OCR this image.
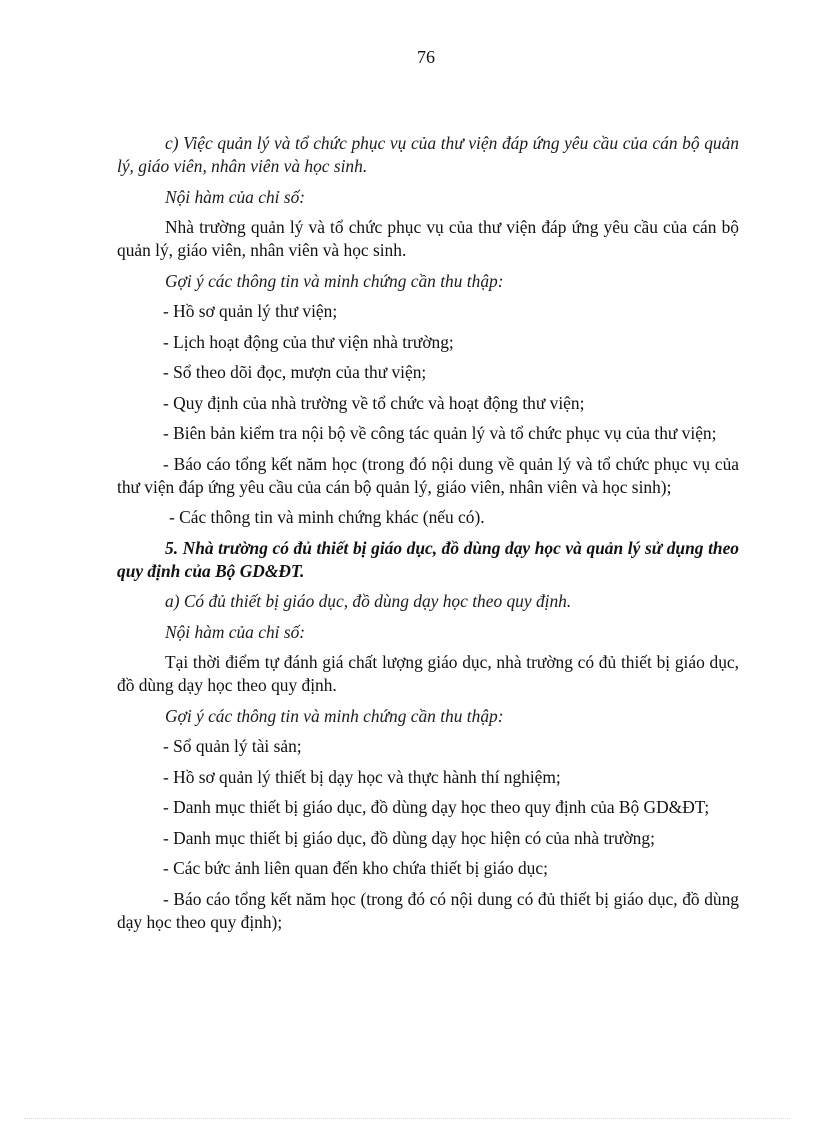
76

c) Việc quản lý và tổ chức phục vụ của thư viện đáp ứng yêu cầu của cán bộ quản lý, giáo viên, nhân viên và học sinh.

Nội hàm của chỉ số:

Nhà trường quản lý và tổ chức phục vụ của thư viện đáp ứng yêu cầu của cán bộ quản lý, giáo viên, nhân viên và học sinh.

Gợi ý các thông tin và minh chứng cần thu thập:

- Hồ sơ quản lý thư viện;

- Lịch hoạt động của thư viện nhà trường;

- Sổ theo dõi đọc, mượn của thư viện;

- Quy định của nhà trường về tổ chức và hoạt động thư viện;

- Biên bản kiểm tra nội bộ về công tác quản lý và tổ chức phục vụ của thư viện;

- Báo cáo tổng kết năm học (trong đó nội dung về quản lý và tổ chức phục vụ của thư viện đáp ứng yêu cầu của cán bộ quản lý, giáo viên, nhân viên và học sinh);

- Các thông tin và minh chứng khác (nếu có).

5. Nhà trường có đủ thiết bị giáo dục, đồ dùng dạy học và quản lý sử dụng theo quy định của Bộ GD&ĐT.

a) Có đủ thiết bị giáo dục, đồ dùng dạy học theo quy định.

Nội hàm của chỉ số:

Tại thời điểm tự đánh giá chất lượng giáo dục, nhà trường có đủ thiết bị giáo dục, đồ dùng dạy học theo quy định.

Gợi ý các thông tin và minh chứng cần thu thập:

- Sổ quản lý tài sản;

- Hồ sơ quản lý thiết bị dạy học và thực hành thí nghiệm;

- Danh mục thiết bị giáo dục, đồ dùng dạy học theo quy định của Bộ GD&ĐT;

- Danh mục thiết bị giáo dục, đồ dùng dạy học hiện có của nhà trường;

- Các bức ảnh liên quan đến kho chứa thiết bị giáo dục;

- Báo cáo tổng kết năm học (trong đó có nội dung có đủ thiết bị giáo dục, đồ dùng dạy học theo quy định);
